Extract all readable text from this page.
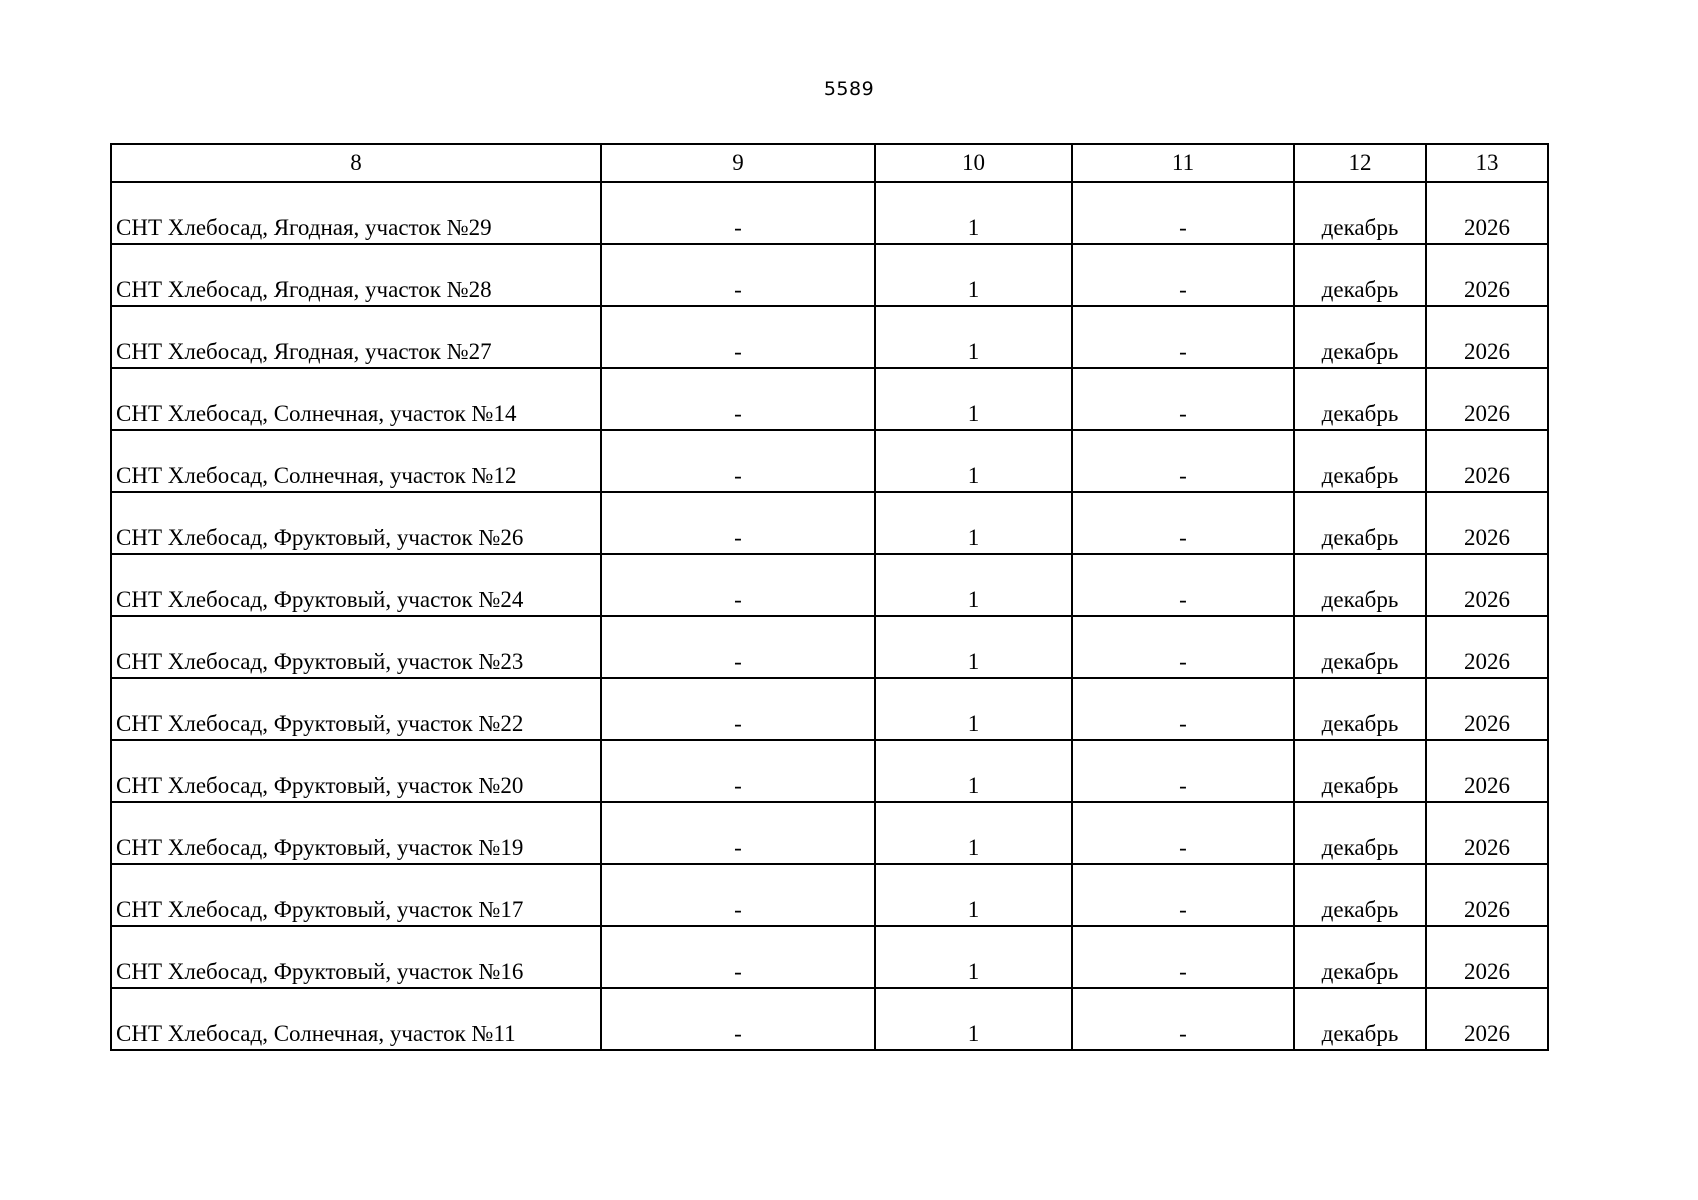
5589
8	9	10	11	12	13
СНТ Хлебосад, Ягодная, участок №29	-	1	-	декабрь	2026
СНТ Хлебосад, Ягодная, участок №28	-	1	-	декабрь	2026
СНТ Хлебосад, Ягодная, участок №27	-	1	-	декабрь	2026
СНТ Хлебосад, Солнечная, участок №14	-	1	-	декабрь	2026
СНТ Хлебосад, Солнечная, участок №12	-	1	-	декабрь	2026
СНТ Хлебосад, Фруктовый, участок №26	-	1	-	декабрь	2026
СНТ Хлебосад, Фруктовый, участок №24	-	1	-	декабрь	2026
СНТ Хлебосад, Фруктовый, участок №23	-	1	-	декабрь	2026
СНТ Хлебосад, Фруктовый, участок №22	-	1	-	декабрь	2026
СНТ Хлебосад, Фруктовый, участок №20	-	1	-	декабрь	2026
СНТ Хлебосад, Фруктовый, участок №19	-	1	-	декабрь	2026
СНТ Хлебосад, Фруктовый, участок №17	-	1	-	декабрь	2026
СНТ Хлебосад, Фруктовый, участок №16	-	1	-	декабрь	2026
СНТ Хлебосад, Солнечная, участок №11	-	1	-	декабрь	2026
